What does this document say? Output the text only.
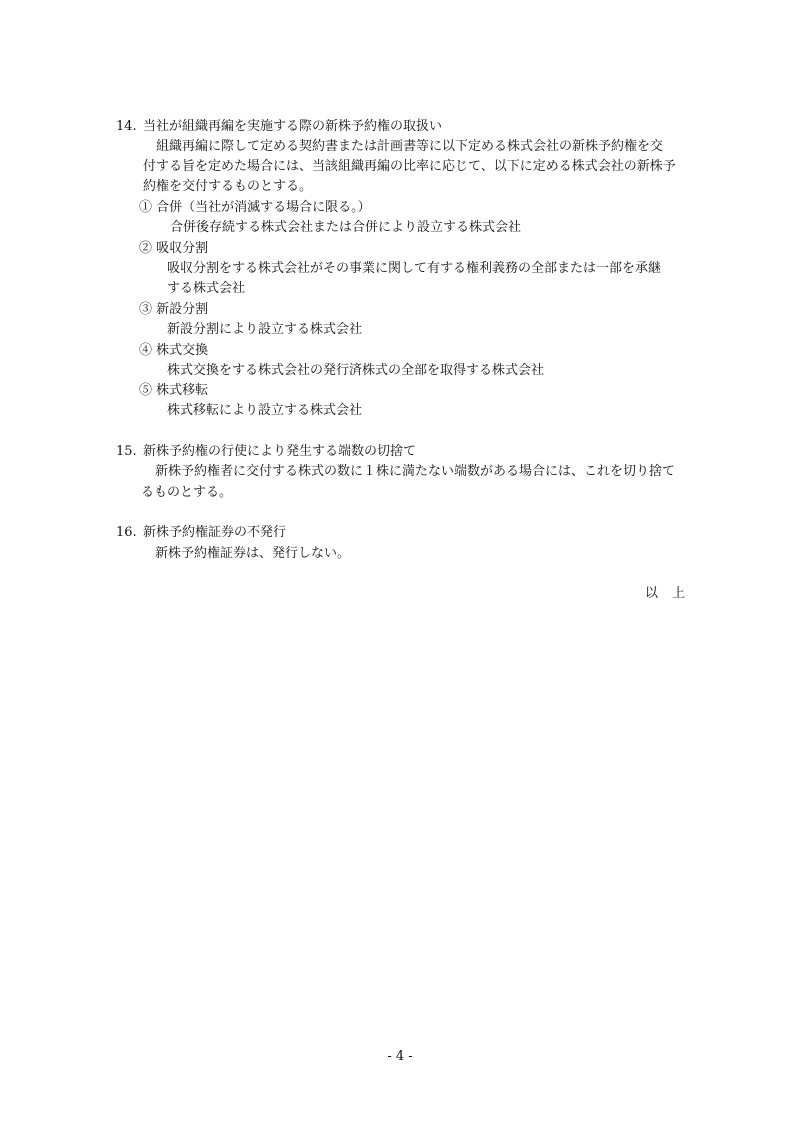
14. 当社が組織再編を実施する際の新株予約権の取扱い
組織再編に際して定める契約書または計画書等に以下定める株式会社の新株予約権を交
付する旨を定めた場合には、当該組織再編の比率に応じて、以下に定める株式会社の新株予
約権を交付するものとする。
① 合併（当社が消滅する場合に限る。）
合併後存続する株式会社または合併により設立する株式会社
② 吸収分割
吸収分割をする株式会社がその事業に関して有する権利義務の全部または一部を承継
する株式会社
③ 新設分割
新設分割により設立する株式会社
④ 株式交換
株式交換をする株式会社の発行済株式の全部を取得する株式会社
⑤ 株式移転
株式移転により設立する株式会社
15. 新株予約権の行使により発生する端数の切捨て
新株予約権者に交付する株式の数に１株に満たない端数がある場合には、これを切り捨て
るものとする。
16. 新株予約権証券の不発行
新株予約権証券は、発行しない。
以上
- 4 -
